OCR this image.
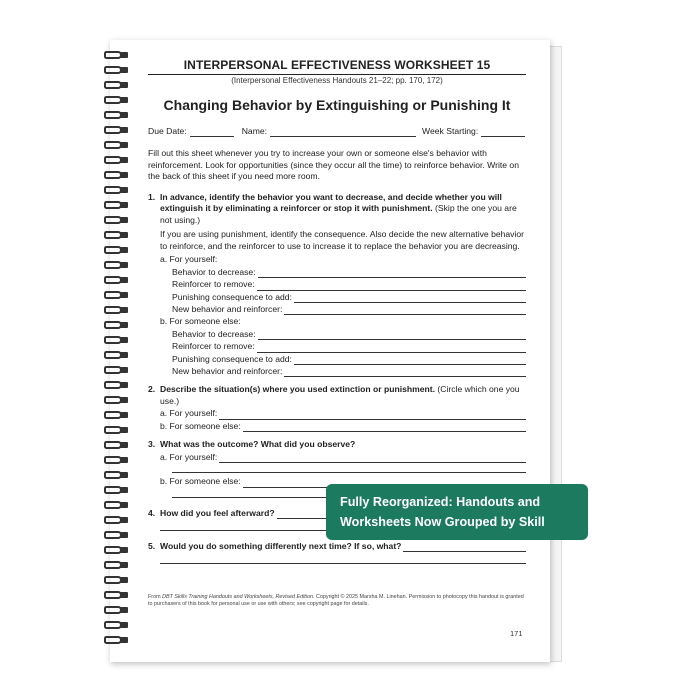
INTERPERSONAL EFFECTIVENESS WORKSHEET 15
(Interpersonal Effectiveness Handouts 21–22; pp. 170, 172)
Changing Behavior by Extinguishing or Punishing It
Due Date:	Name:	Week Starting:
Fill out this sheet whenever you try to increase your own or someone else's behavior with reinforcement. Look for opportunities (since they occur all the time) to reinforce behavior. Write on the back of this sheet if you need more room.
1. In advance, identify the behavior you want to decrease, and decide whether you will extinguish it by eliminating a reinforcer or stop it with punishment. (Skip the one you are not using.)
If you are using punishment, identify the consequence. Also decide the new alternative behavior to reinforce, and the reinforcer to use to increase it to replace the behavior you are decreasing.
a. For yourself:
Behavior to decrease:
Reinforcer to remove:
Punishing consequence to add:
New behavior and reinforcer:
b. For someone else:
Behavior to decrease:
Reinforcer to remove:
Punishing consequence to add:
New behavior and reinforcer:
2. Describe the situation(s) where you used extinction or punishment. (Circle which one you use.)
a. For yourself:
b. For someone else:
3. What was the outcome? What did you observe?
a. For yourself:
b. For someone else:
4. How did you feel afterward?
5. Would you do something differently next time? If so, what?
From DBT Skills Training Handouts and Worksheets, Revised Edition. Copyright © 2025 Marsha M. Linehan. Permission to photocopy this handout is granted to purchasers of this book for personal use or use with others; see copyright page for details.
171
Fully Reorganized: Handouts and
Worksheets Now Grouped by Skill
